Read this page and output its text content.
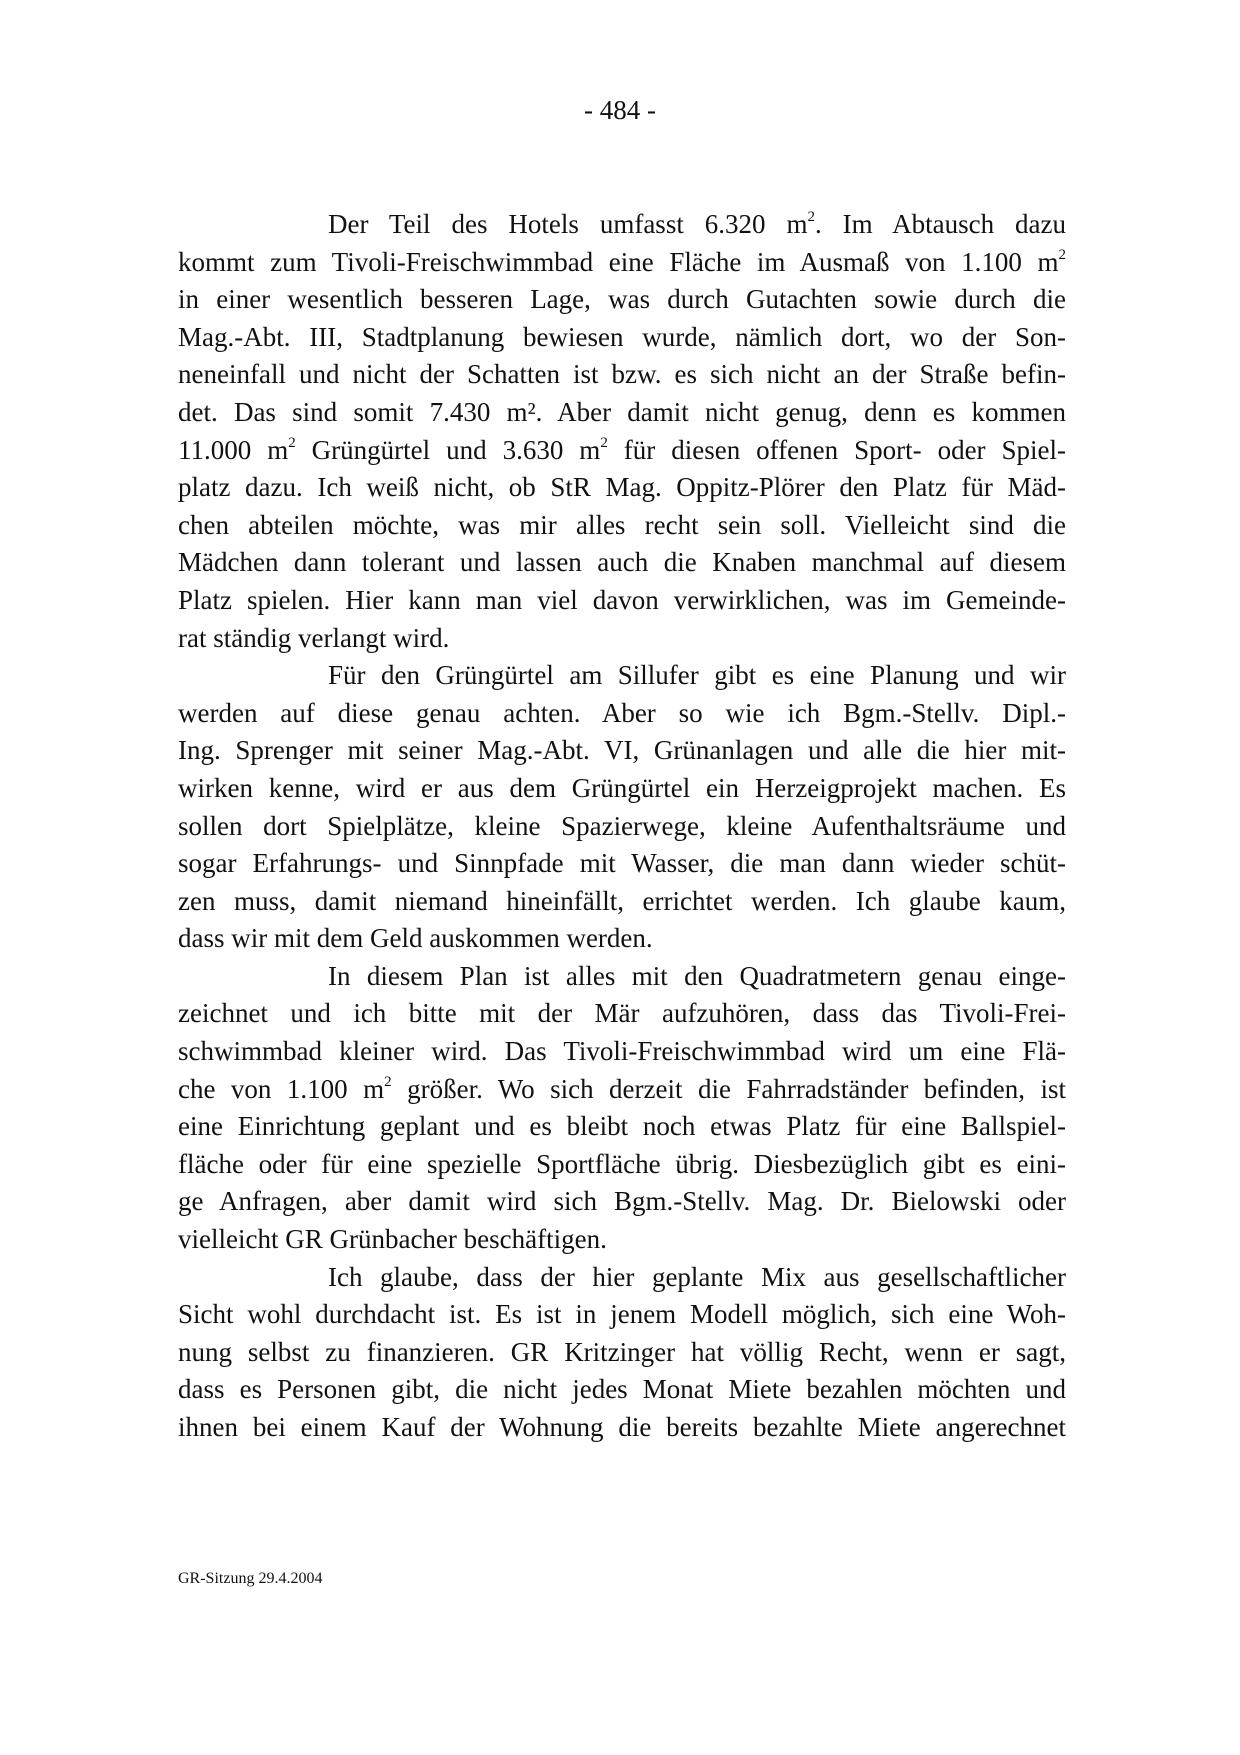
- 484 -

Der Teil des Hotels umfasst 6.320 $m^2$. Im Abtausch dazu
kommt zum Tivoli-Freischwimmbad eine Fläche im Ausmaß von 1.100 $m^2$
in einer wesentlich besseren Lage, was durch Gutachten sowie durch die
Mag.-Abt. III, Stadtplanung bewiesen wurde, nämlich dort, wo der Son-
neneinfall und nicht der Schatten ist bzw. es sich nicht an der Straße befin-
det. Das sind somit 7.430 m². Aber damit nicht genug, denn es kommen
11.000 $m^2$ Grüngürtel und 3.630 $m^2$ für diesen offenen Sport- oder Spiel-
platz dazu. Ich weiß nicht, ob StR Mag. Oppitz-Plörer den Platz für Mäd-
chen abteilen möchte, was mir alles recht sein soll. Vielleicht sind die
Mädchen dann tolerant und lassen auch die Knaben manchmal auf diesem
Platz spielen. Hier kann man viel davon verwirklichen, was im Gemeinde-
rat ständig verlangt wird.

Für den Grüngürtel am Sillufer gibt es eine Planung und wir
werden auf diese genau achten. Aber so wie ich Bgm.-Stellv. Dipl.-
Ing. Sprenger mit seiner Mag.-Abt. VI, Grünanlagen und alle die hier mit-
wirken kenne, wird er aus dem Grüngürtel ein Herzeigprojekt machen. Es
sollen dort Spielplätze, kleine Spazierwege, kleine Aufenthaltsräume und
sogar Erfahrungs- und Sinnpfade mit Wasser, die man dann wieder schüt-
zen muss, damit niemand hineinfällt, errichtet werden. Ich glaube kaum,
dass wir mit dem Geld auskommen werden.

In diesem Plan ist alles mit den Quadratmetern genau einge-
zeichnet und ich bitte mit der Mär aufzuhören, dass das Tivoli-Frei-
schwimmbad kleiner wird. Das Tivoli-Freischwimmbad wird um eine Flä-
che von 1.100 $m^2$ größer. Wo sich derzeit die Fahrradständer befinden, ist
eine Einrichtung geplant und es bleibt noch etwas Platz für eine Ballspiel-
fläche oder für eine spezielle Sportfläche übrig. Diesbezüglich gibt es eini-
ge Anfragen, aber damit wird sich Bgm.-Stellv. Mag. Dr. Bielowski oder
vielleicht GR Grünbacher beschäftigen.

Ich glaube, dass der hier geplante Mix aus gesellschaftlicher
Sicht wohl durchdacht ist. Es ist in jenem Modell möglich, sich eine Woh-
nung selbst zu finanzieren. GR Kritzinger hat völlig Recht, wenn er sagt,
dass es Personen gibt, die nicht jedes Monat Miete bezahlen möchten und
ihnen bei einem Kauf der Wohnung die bereits bezahlte Miete angerechnet

GR-Sitzung 29.4.2004
